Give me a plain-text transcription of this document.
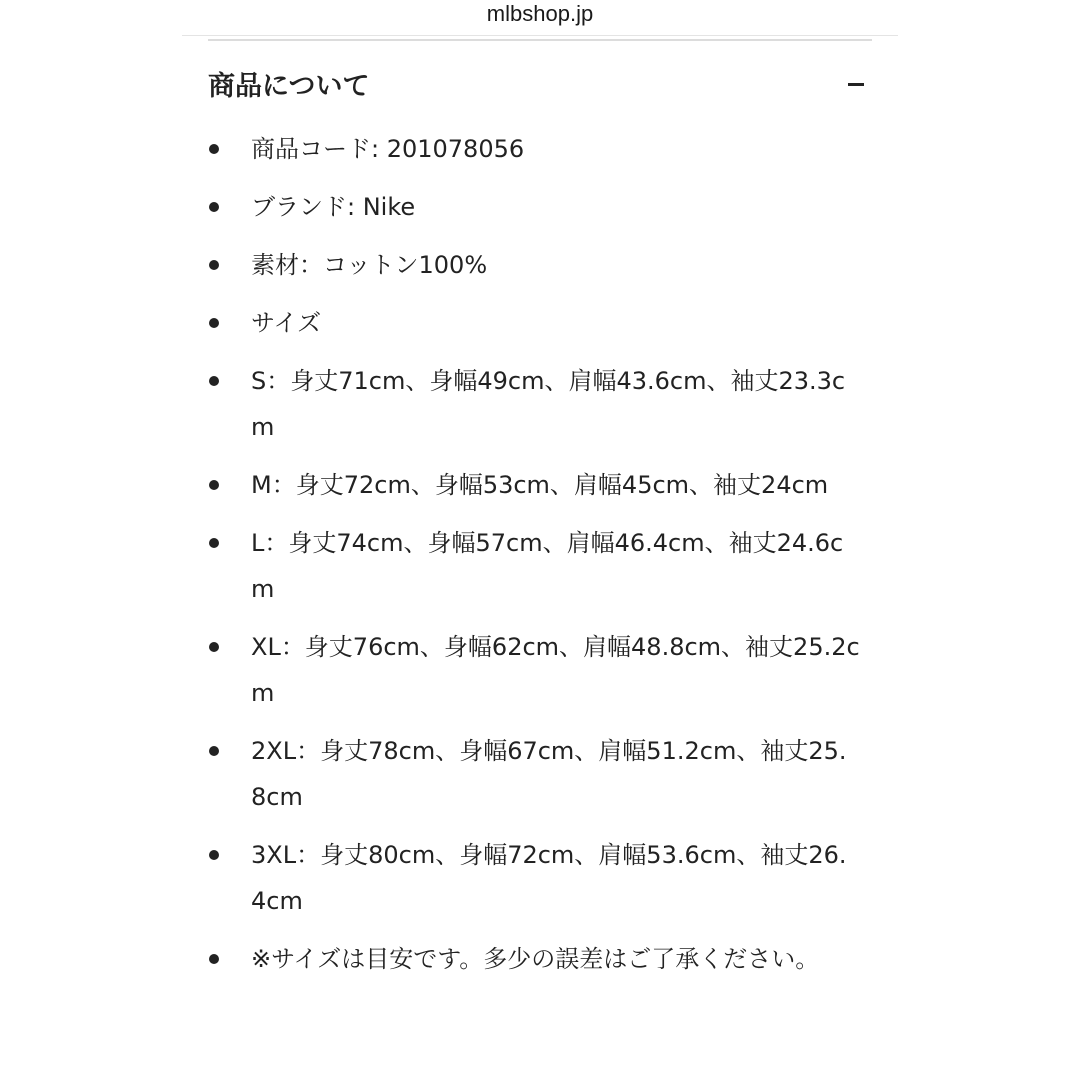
mlbshop.jp
商品について
商品コード: 201078056
ブランド: Nike
素材：コットン100%
サイズ
S：身丈71cm、身幅49cm、肩幅43.6cm、袖丈23.3cm
M：身丈72cm、身幅53cm、肩幅45cm、袖丈24cm
L：身丈74cm、身幅57cm、肩幅46.4cm、袖丈24.6cm
XL：身丈76cm、身幅62cm、肩幅48.8cm、袖丈25.2cm
2XL：身丈78cm、身幅67cm、肩幅51.2cm、袖丈25.8cm
3XL：身丈80cm、身幅72cm、肩幅53.6cm、袖丈26.4cm
※サイズは目安です。多少の誤差はご了承ください。
